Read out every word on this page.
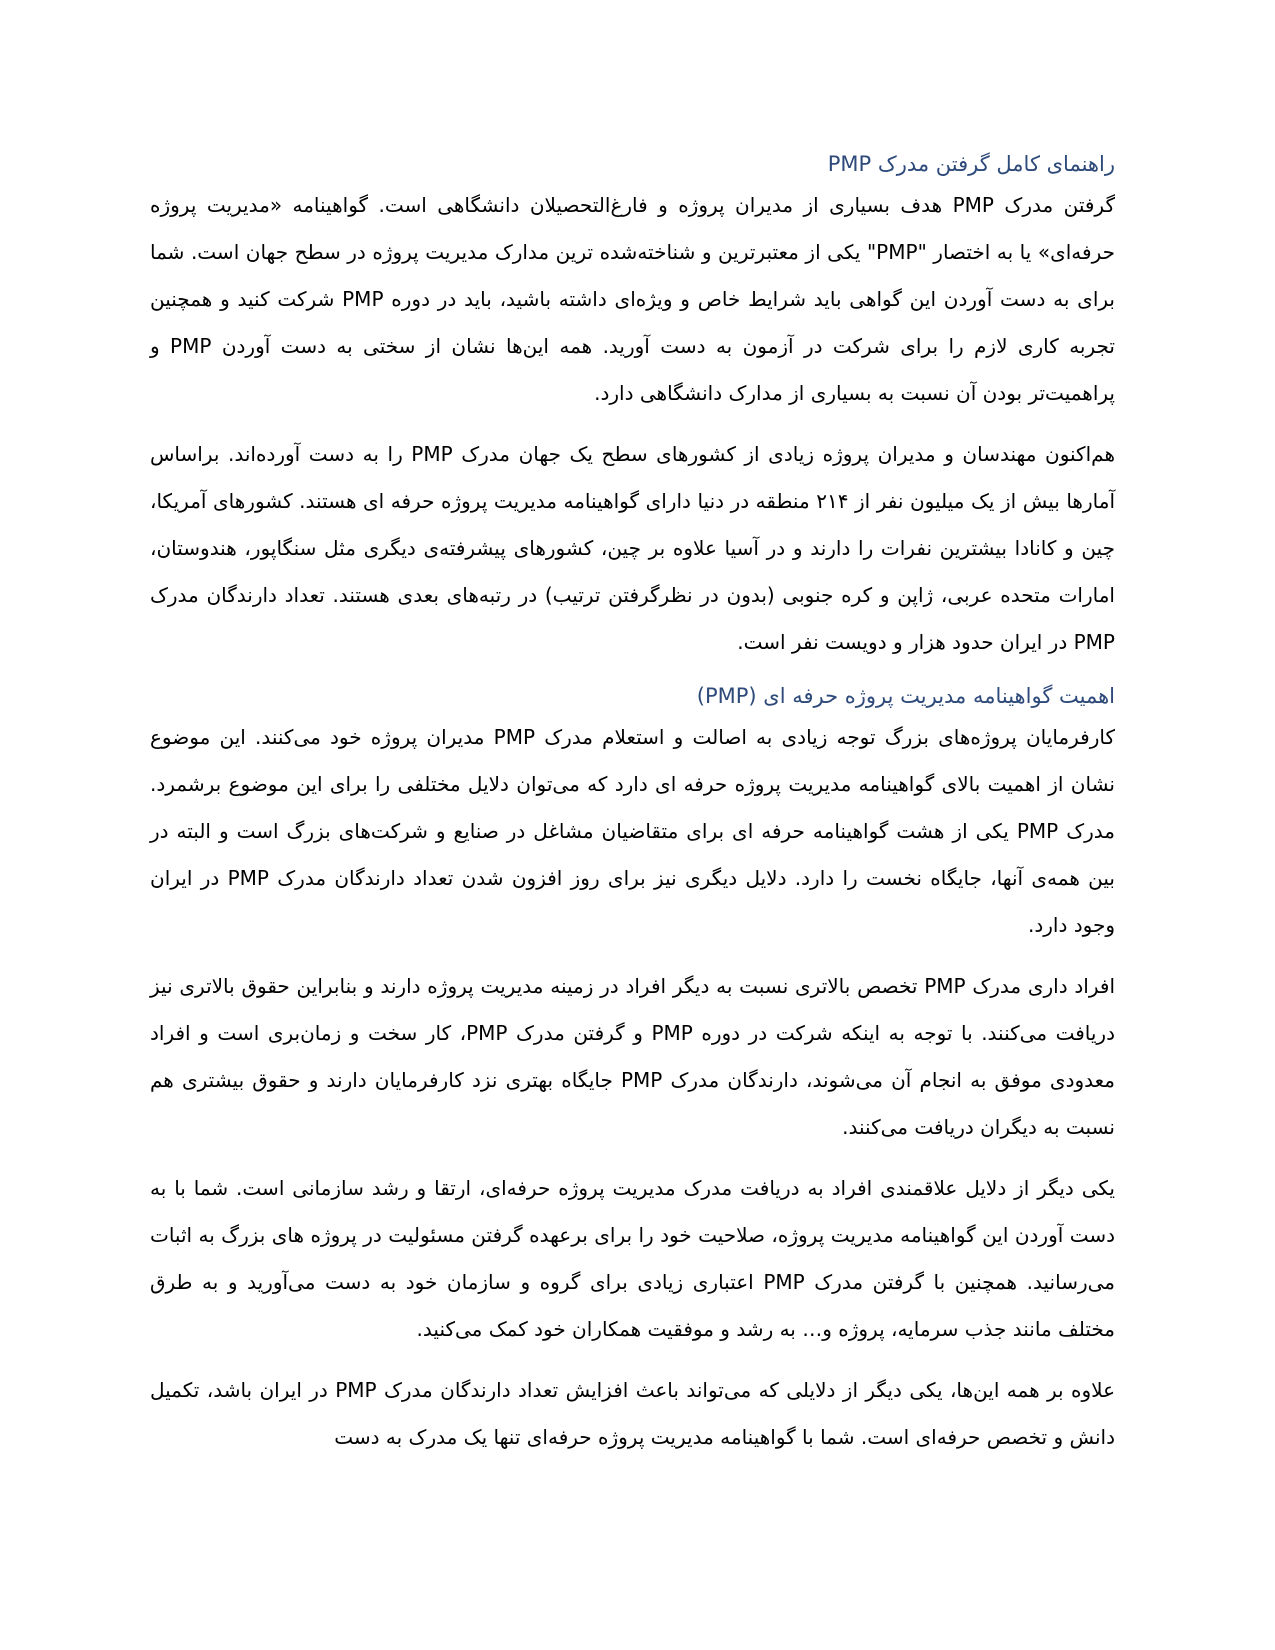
راهنمای کامل گرفتن مدرک PMP

گرفتن مدرک PMP هدف بسیاری از مدیران پروژه و فارغ‌التحصیلان دانشگاهی است. گواهینامه «مدیریت پروژه حرفه‌ای» یا به اختصار "PMP" یکی از معتبرترین و شناخته‌شده ترین مدارک مدیریت پروژه در سطح جهان است. شما برای به دست آوردن این گواهی باید شرایط خاص و ویژه‌ای داشته باشید، باید در دوره PMP شرکت کنید و همچنین تجربه کاری لازم را برای شرکت در آزمون به دست آورید. همه این‌ها نشان از سختی به دست آوردن PMP و پراهمیت‌تر بودن آن نسبت به بسیاری از مدارک دانشگاهی دارد.

هم‌اکنون مهندسان و مدیران پروژه زیادی از کشورهای سطح یک جهان مدرک PMP را به دست آورده‌اند. براساس آمارها بیش از یک میلیون نفر از ۲۱۴ منطقه در دنیا دارای گواهینامه مدیریت پروژه حرفه ای هستند. کشورهای آمریکا، چین و کانادا بیشترین نفرات را دارند و در آسیا علاوه بر چین، کشورهای پیشرفته‌ی دیگری مثل سنگاپور، هندوستان، امارات متحده عربی، ژاپن و کره جنوبی (بدون در نظرگرفتن ترتیب) در رتبه‌های بعدی هستند. تعداد دارندگان مدرک PMP در ایران حدود هزار و دویست نفر است.

اهمیت گواهینامه مدیریت پروژه حرفه ای (PMP)

کارفرمایان پروژه‌های بزرگ توجه زیادی به اصالت و استعلام مدرک PMP مدیران پروژه خود می‌کنند. این موضوع نشان از اهمیت بالای گواهینامه مدیریت پروژه حرفه ای دارد که می‌توان دلایل مختلفی را برای این موضوع برشمرد. مدرک PMP یکی از هشت گواهینامه حرفه ای برای متقاضیان مشاغل در صنایع و شرکت‌های بزرگ است و البته در بین همه‌ی آنها، جایگاه نخست را دارد. دلایل دیگری نیز برای روز افزون شدن تعداد دارندگان مدرک PMP در ایران وجود دارد.

افراد داری مدرک PMP تخصص بالاتری نسبت به دیگر افراد در زمینه مدیریت پروژه دارند و بنابراین حقوق بالاتری نیز دریافت می‌کنند. با توجه به اینکه شرکت در دوره PMP و گرفتن مدرک PMP، کار سخت و زمان‌بری است و افراد معدودی موفق به انجام آن می‌شوند، دارندگان مدرک PMP جایگاه بهتری نزد کارفرمایان دارند و حقوق بیشتری هم نسبت به دیگران دریافت می‌کنند.

یکی دیگر از دلایل علاقمندی افراد به دریافت مدرک مدیریت پروژه حرفه‌ای، ارتقا و رشد سازمانی است. شما با به دست آوردن این گواهینامه مدیریت پروژه، صلاحیت خود را برای برعهده گرفتن مسئولیت در پروژه های بزرگ به اثبات می‌رسانید. همچنین با گرفتن مدرک PMP اعتباری زیادی برای گروه و سازمان خود به دست می‌آورید و به طرق مختلف مانند جذب سرمایه، پروژه و… به رشد و موفقیت همکاران خود کمک می‌کنید.

علاوه بر همه این‌ها، یکی دیگر از دلایلی که می‌تواند باعث افزایش تعداد دارندگان مدرک PMP در ایران باشد، تکمیل دانش و تخصص حرفه‌ای است. شما با گواهینامه مدیریت پروژه حرفه‌ای تنها یک مدرک به دست
